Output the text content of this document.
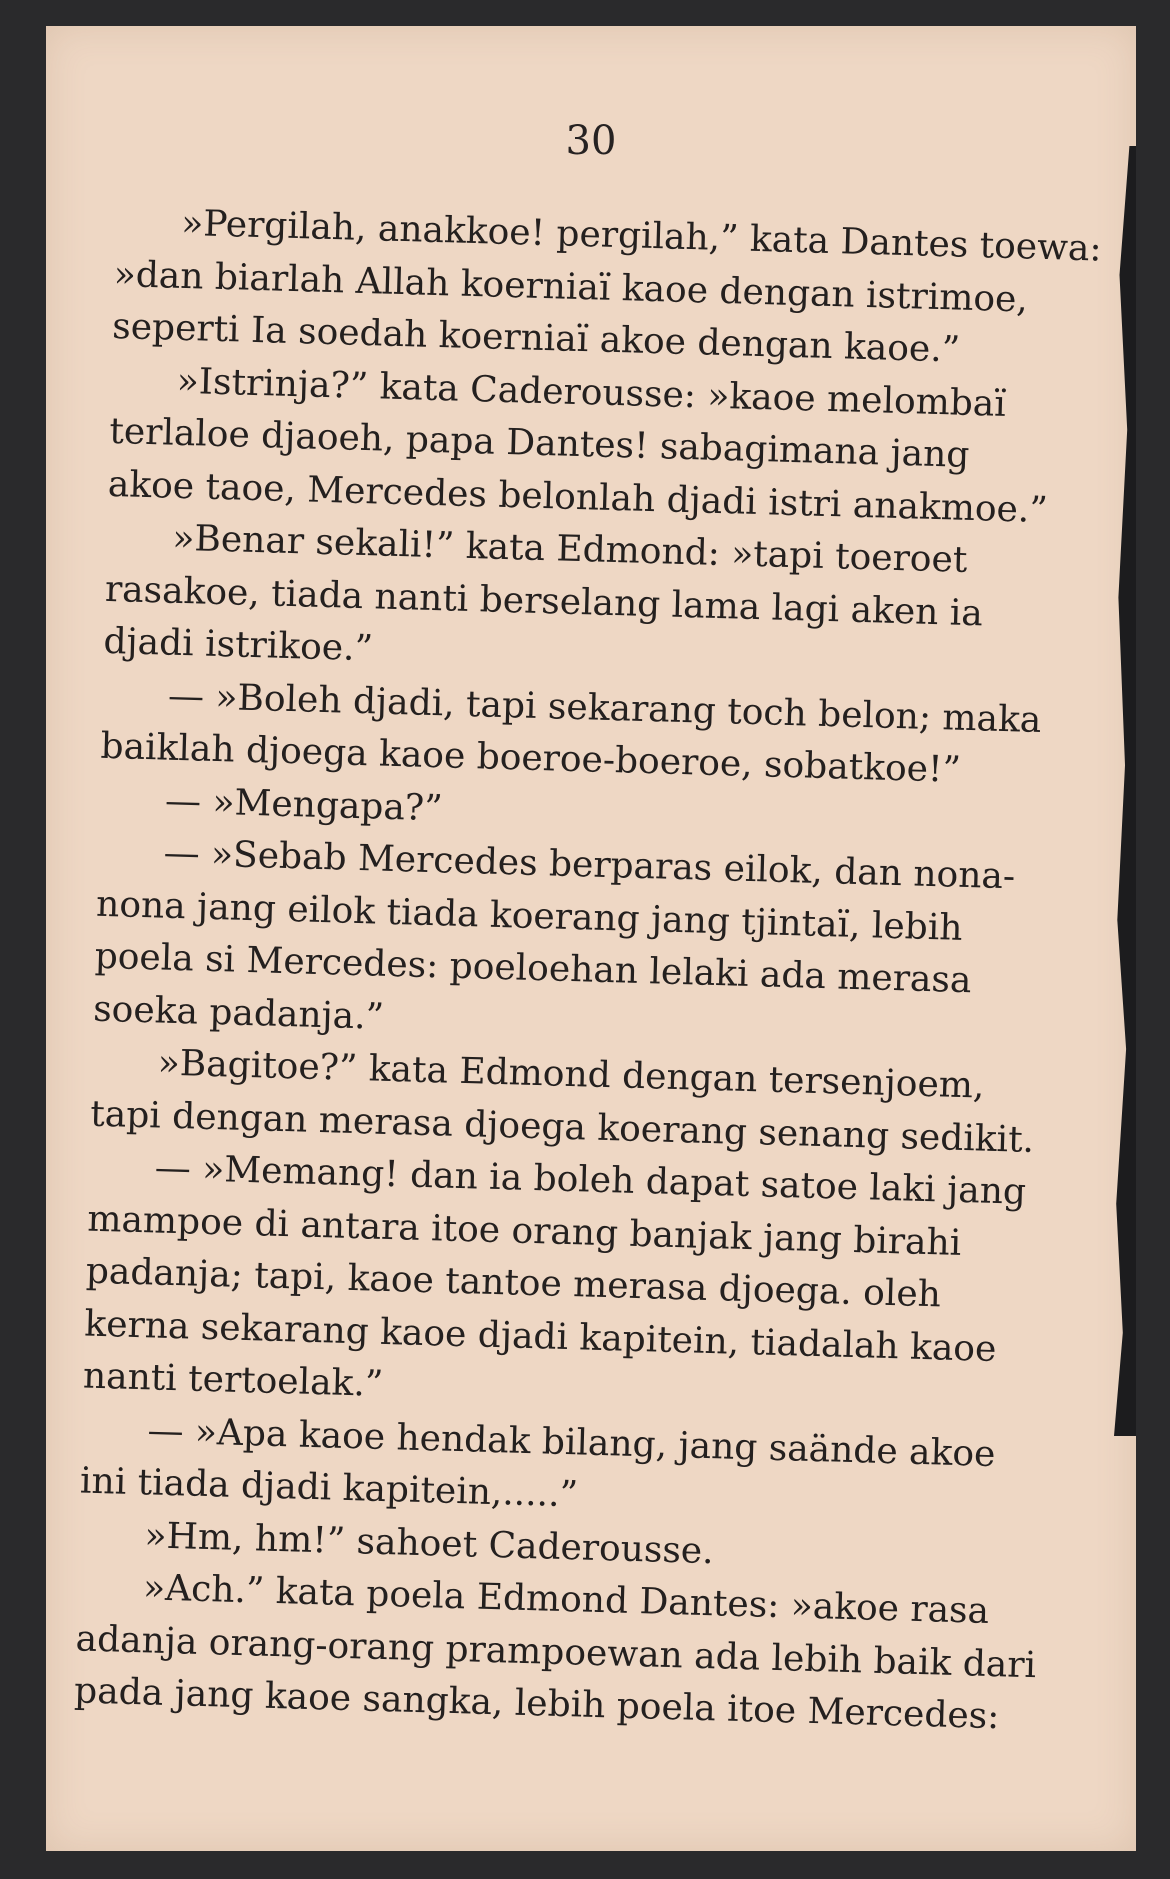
30
»Pergilah, anakkoe! pergilah,” kata Dantes toewa:
»dan biarlah Allah koerniaï kaoe dengan istrimoe,
seperti Ia soedah koerniaï akoe dengan kaoe.”
»Istrinja?” kata Caderousse: »kaoe melombaï
terlaloe djaoeh, papa Dantes! sabagimana jang
akoe taoe, Mercedes belonlah djadi istri anakmoe.”
»Benar sekali!” kata Edmond: »tapi toeroet
rasakoe, tiada nanti berselang lama lagi aken ia
djadi istrikoe.”
— »Boleh djadi, tapi sekarang toch belon; maka
baiklah djoega kaoe boeroe-boeroe, sobatkoe!”
— »Mengapa?”
— »Sebab Mercedes berparas eilok, dan nona-
nona jang eilok tiada koerang jang tjintaï, lebih
poela si Mercedes: poeloehan lelaki ada merasa
soeka padanja.”
»Bagitoe?” kata Edmond dengan tersenjoem,
tapi dengan merasa djoega koerang senang sedikit.
— »Memang! dan ia boleh dapat satoe laki jang
mampoe di antara itoe orang banjak jang birahi
padanja; tapi, kaoe tantoe merasa djoega. oleh
kerna sekarang kaoe djadi kapitein, tiadalah kaoe
nanti tertoelak.”
— »Apa kaoe hendak bilang, jang saände akoe
ini tiada djadi kapitein,.....”
»Hm, hm!” sahoet Caderousse.
»Ach.” kata poela Edmond Dantes: »akoe rasa
adanja orang-orang prampoewan ada lebih baik dari
pada jang kaoe sangka, lebih poela itoe Mercedes:
